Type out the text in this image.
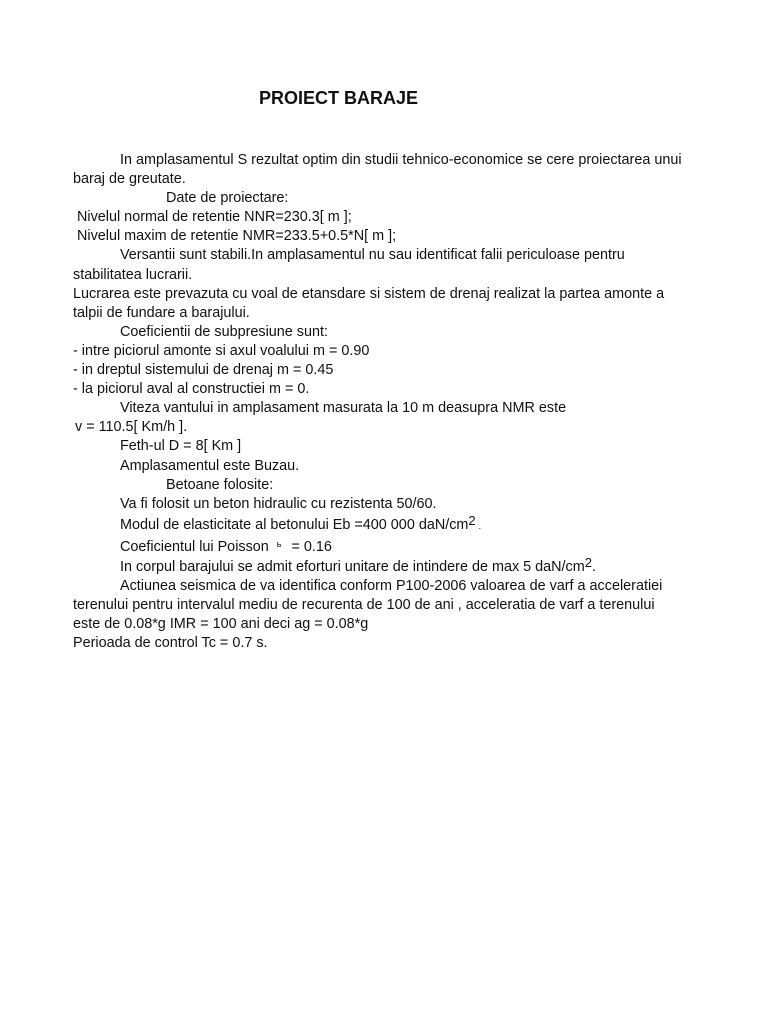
PROIECT BARAJE
In amplasamentul S rezultat optim din studii tehnico-economice se cere proiectarea unui
baraj de greutate.
Date de proiectare:
Nivelul normal de retentie NNR=230.3[ m ];
Nivelul maxim de retentie NMR=233.5+0.5*N[ m ];
Versantii sunt stabili.In amplasamentul nu sau identificat falii periculoase pentru
stabilitatea lucrarii.
Lucrarea este prevazuta cu voal de etansdare si sistem de drenaj realizat la partea amonte a
talpii de fundare a barajului.
Coeficientii de subpresiune sunt:
- intre piciorul amonte si axul voalului m = 0.90
- in dreptul sistemului de drenaj m = 0.45
- la piciorul aval al constructiei m = 0.
Viteza vantului in amplasament masurata la 10 m deasupra NMR este
v = 110.5[ Km/h ].
Feth-ul D = 8[ Km ]
Amplasamentul este Buzau.
Betoane folosite:
Va fi folosit un beton hidraulic cu rezistenta 50/60.
Modul de elasticitate al betonului Eb =400 000 daN/$cm^2$ .
Coeficientul lui Poisson ь = 0.16
In corpul barajului se admit eforturi unitare de intindere de max 5 daN/$cm^2$.
Actiunea seismica de va identifica conform P100-2006 valoarea de varf a acceleratiei
terenului pentru intervalul mediu de recurenta de 100 de ani , acceleratia de varf a terenului
este de 0.08*g IMR = 100 ani deci ag = 0.08*g
Perioada de control Tc = 0.7 s.
